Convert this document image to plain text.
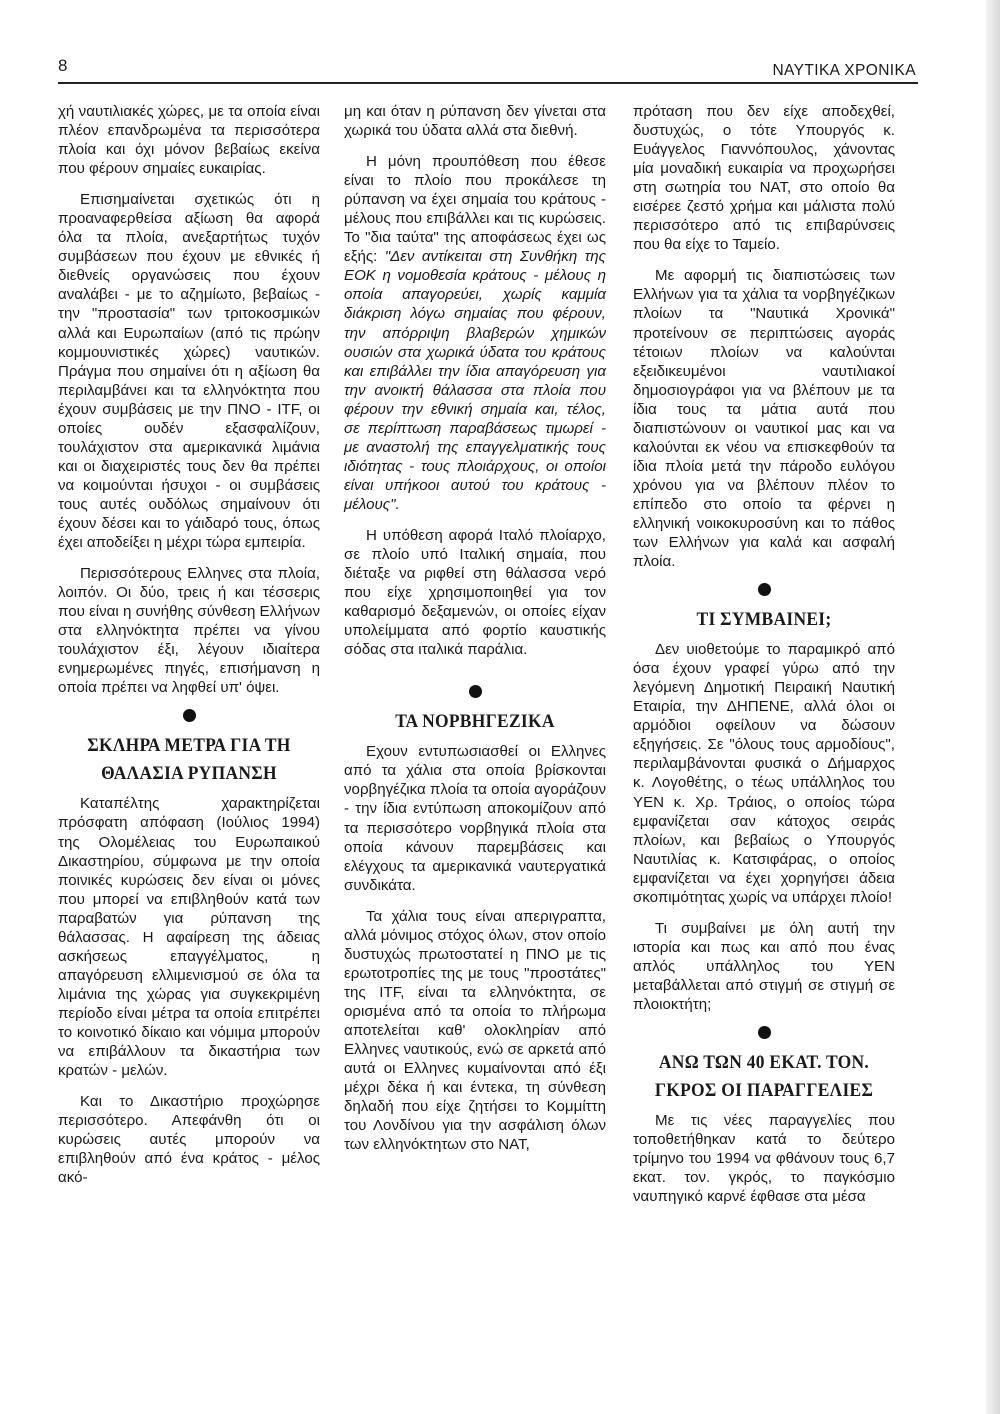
8	ΝΑΥΤΙΚΑ ΧΡΟΝΙΚΑ

χή ναυτιλιακές χώρες, με τα οποία είναι πλέον επανδρωμένα τα περισσότερα πλοία και όχι μόνον βεβαίως εκείνα που φέρουν σημαίες ευκαιρίας.

Επισημαίνεται σχετικώς ότι η προαναφερθείσα αξίωση θα αφορά όλα τα πλοία, ανεξαρτήτως τυχόν συμβάσεων που έχουν με εθνικές ή διεθνείς οργανώσεις που έχουν αναλάβει - με το αζημίωτο, βεβαίως - την "προστασία" των τριτοκοσμικών αλλά και Ευρωπαίων (από τις πρώην κομμουνιστικές χώρες) ναυτικών. Πράγμα που σημαίνει ότι η αξίωση θα περιλαμβάνει και τα ελληνόκτητα που έχουν συμβάσεις με την ΠΝΟ - ITF, οι οποίες ουδέν εξασφαλίζουν, τουλάχιστον στα αμερικανικά λιμάνια και οι διαχειριστές τους δεν θα πρέπει να κοιμούνται ήσυχοι - οι συμβάσεις τους αυτές ουδόλως σημαίνουν ότι έχουν δέσει και το γάιδαρό τους, όπως έχει αποδείξει η μέχρι τώρα εμπειρία.

Περισσότερους Ελληνες στα πλοία, λοιπόν. Οι δύο, τρεις ή και τέσσερις που είναι η συνήθης σύνθεση Ελλήνων στα ελληνόκτητα πρέπει να γίνου τουλάχιστον έξι, λέγουν ιδιαίτερα ενημερωμένες πηγές, επισήμανση η οποία πρέπει να ληφθεί υπ' όψει.

ΣΚΛΗΡΑ ΜΕΤΡΑ ΓΙΑ ΤΗ
ΘΑΛΑΣΙΑ ΡΥΠΑΝΣΗ

Καταπέλτης χαρακτηρίζεται πρόσφατη απόφαση (Ιούλιος 1994) της Ολομέλειας του Ευρωπαικού Δικαστηρίου, σύμφωνα με την οποία ποινικές κυρώσεις δεν είναι οι μόνες που μπορεί να επιβληθούν κατά των παραβατών για ρύπανση της θάλασσας. Η αφαίρεση της άδειας ασκήσεως επαγγέλματος, η απαγόρευση ελλιμενισμού σε όλα τα λιμάνια της χώρας για συγκεκριμένη περίοδο είναι μέτρα τα οποία επιτρέπει το κοινοτικό δίκαιο και νόμιμα μπορούν να επιβάλλουν τα δικαστήρια των κρατών - μελών.

Και το Δικαστήριο προχώρησε περισσότερο. Απεφάνθη ότι οι κυρώσεις αυτές μπορούν να επιβληθούν από ένα κράτος - μέλος ακό-

μη και όταν η ρύπανση δεν γίνεται στα χωρικά του ύδατα αλλά στα διεθνή.

Η μόνη προυπόθεση που έθεσε είναι το πλοίο που προκάλεσε τη ρύπανση να έχει σημαία του κράτους - μέλους που επιβάλλει και τις κυρώσεις. Το "δια ταύτα" της αποφάσεως έχει ως εξής: "Δεν αντίκειται στη Συνθήκη της ΕΟΚ η νομοθεσία κράτους - μέλους η οποία απαγορεύει, χωρίς καμμία διάκριση λόγω σημαίας που φέρουν, την απόρριψη βλαβερών χημικών ουσιών στα χωρικά ύδατα του κράτους και επιβάλλει την ίδια απαγόρευση για την ανοικτή θάλασσα στα πλοία που φέρουν την εθνική σημαία και, τέλος, σε περίπτωση παραβάσεως τιμωρεί - με αναστολή της επαγγελματικής τους ιδιότητας - τους πλοιάρχους, οι οποίοι είναι υπήκοοι αυτού του κράτους - μέλους".

Η υπόθεση αφορά Ιταλό πλοίαρχο, σε πλοίο υπό Ιταλική σημαία, που διέταξε να ριφθεί στη θάλασσα νερό που είχε χρησιμοποιηθεί για τον καθαρισμό δεξαμενών, οι οποίες είχαν υπολείμματα από φορτίο καυστικής σόδας στα ιταλικά παράλια.

ΤΑ ΝΟΡΒΗΓΕΖΙΚΑ

Εχουν εντυπωσιασθεί οι Ελληνες από τα χάλια στα οποία βρίσκονται νορβηγέζικα πλοία τα οποία αγοράζουν - την ίδια εντύπωση αποκομίζουν από τα περισσότερο νορβηγικά πλοία στα οποία κάνουν παρεμβάσεις και ελέγχους τα αμερικανικά ναυτεργατικά συνδικάτα.

Τα χάλια τους είναι απεριγραπτα, αλλά μόνιμος στόχος όλων, στον οποίο δυστυχώς πρωτοστατεί η ΠΝΟ με τις ερωτοτροπίες της με τους "προστάτες" της ITF, είναι τα ελληνόκτητα, σε ορισμένα από τα οποία το πλήρωμα αποτελείται καθ' ολοκληρίαν από Ελληνες ναυτικούς, ενώ σε αρκετά από αυτά οι Ελληνες κυμαίνονται από έξι μέχρι δέκα ή και έντεκα, τη σύνθεση δηλαδή που είχε ζητήσει το Κομμίττη του Λονδίνου για την ασφάλιση όλων των ελληνόκτητων στο ΝΑΤ,

πρόταση που δεν είχε αποδεχθεί, δυστυχώς, ο τότε Υπουργός κ. Ευάγγελος Γιαννόπουλος, χάνοντας μία μοναδική ευκαιρία να προχωρήσει στη σωτηρία του ΝΑΤ, στο οποίο θα εισέρεε ζεστό χρήμα και μάλιστα πολύ περισσότερο από τις επιβαρύνσεις που θα είχε το Ταμείο.

Με αφορμή τις διαπιστώσεις των Ελλήνων για τα χάλια τα νορβηγέζικων πλοίων τα "Ναυτικά Χρονικά" προτείνουν σε περιπτώσεις αγοράς τέτοιων πλοίων να καλούνται εξειδικευμένοι ναυτιλιακοί δημοσιογράφοι για να βλέπουν με τα ίδια τους τα μάτια αυτά που διαπιστώνουν οι ναυτικοί μας και να καλούνται εκ νέου να επισκεφθούν τα ίδια πλοία μετά την πάροδο ευλόγου χρόνου για να βλέπουν πλέον το επίπεδο στο οποίο τα φέρνει η ελληνική νοικοκυροσύνη και το πάθος των Ελλήνων για καλά και ασφαλή πλοία.

ΤΙ ΣΥΜΒΑΙΝΕΙ;

Δεν υιοθετούμε το παραμικρό από όσα έχουν γραφεί γύρω από την λεγόμενη Δημοτική Πειραική Ναυτική Εταιρία, την ΔΗΠΕΝΕ, αλλά όλοι οι αρμόδιοι οφείλουν να δώσουν εξηγήσεις. Σε "όλους τους αρμοδίους", περιλαμβάνονται φυσικά ο Δήμαρχος κ. Λογοθέτης, ο τέως υπάλληλος του ΥΕΝ κ. Χρ. Τράιος, ο οποίος τώρα εμφανίζεται σαν κάτοχος σειράς πλοίων, και βεβαίως ο Υπουργός Ναυτιλίας κ. Κατσιφάρας, ο οποίος εμφανίζεται να έχει χορηγήσει άδεια σκοπιμότητας χωρίς να υπάρχει πλοίο!

Τι συμβαίνει με όλη αυτή την ιστορία και πως και από που ένας απλός υπάλληλος του ΥΕΝ μεταβάλλεται από στιγμή σε στιγμή σε πλοιοκτήτη;

ΑΝΩ ΤΩΝ 40 ΕΚΑΤ. ΤΟΝ.
ΓΚΡΟΣ ΟΙ ΠΑΡΑΓΓΕΛΙΕΣ

Με τις νέες παραγγελίες που τοποθετήθηκαν κατά το δεύτερο τρίμηνο του 1994 να φθάνουν τους 6,7 εκατ. τον. γκρός, το παγκόσμιο ναυπηγικό καρνέ έφθασε στα μέσα
